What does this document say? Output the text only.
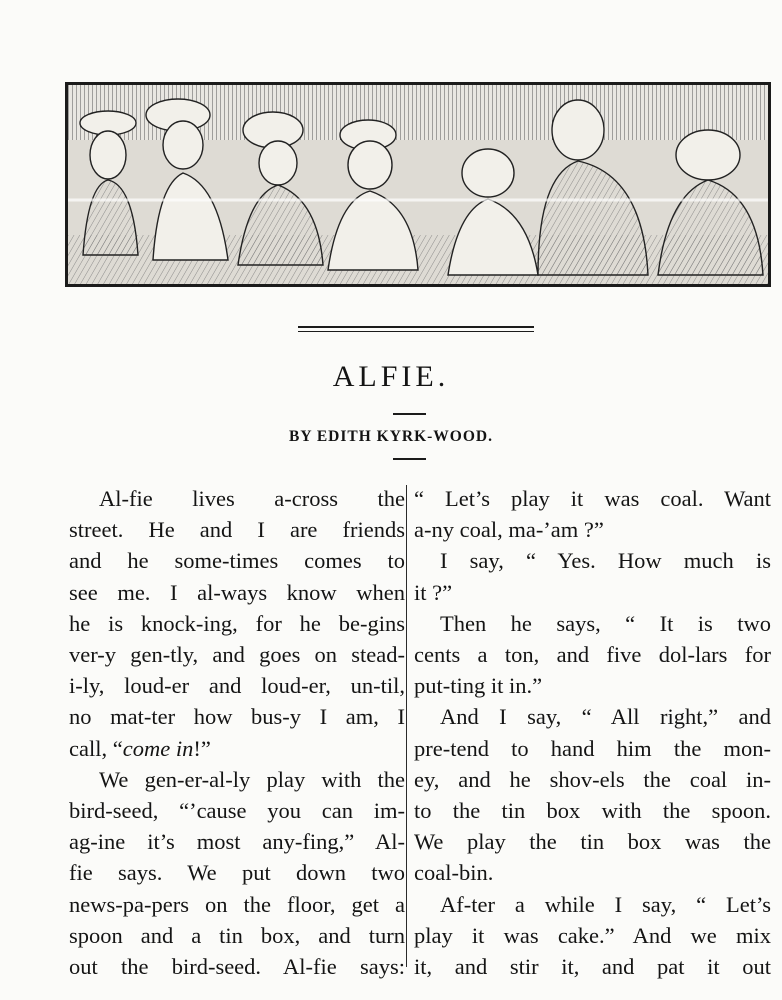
ALFIE.
BY EDITH KYRK-WOOD.
Al-fie lives a-cross the
street. He and I are friends
and he some-times comes to
see me. I al-ways know when
he is knock-ing, for he be-gins
ver-y gen-tly, and goes on stead-
i-ly, loud-er and loud-er, un-til,
no mat-ter how bus-y I am, I
call, “come in!”
We gen-er-al-ly play with the
bird-seed, “’cause you can im-
ag-ine it’s most any-fing,” Al-
fie says. We put down two
news-pa-pers on the floor, get a
spoon and a tin box, and turn
out the bird-seed. Al-fie says:
“ Let’s play it was coal. Want
a-ny coal, ma-’am ?”
I say, “ Yes. How much is
it ?”
Then he says, “ It is two
cents a ton, and five dol-lars for
put-ting it in.”
And I say, “ All right,” and
pre-tend to hand him the mon-
ey, and he shov-els the coal in-
to the tin box with the spoon.
We play the tin box was the
coal-bin.
Af-ter a while I say, “ Let’s
play it was cake.” And we mix
it, and stir it, and pat it out
